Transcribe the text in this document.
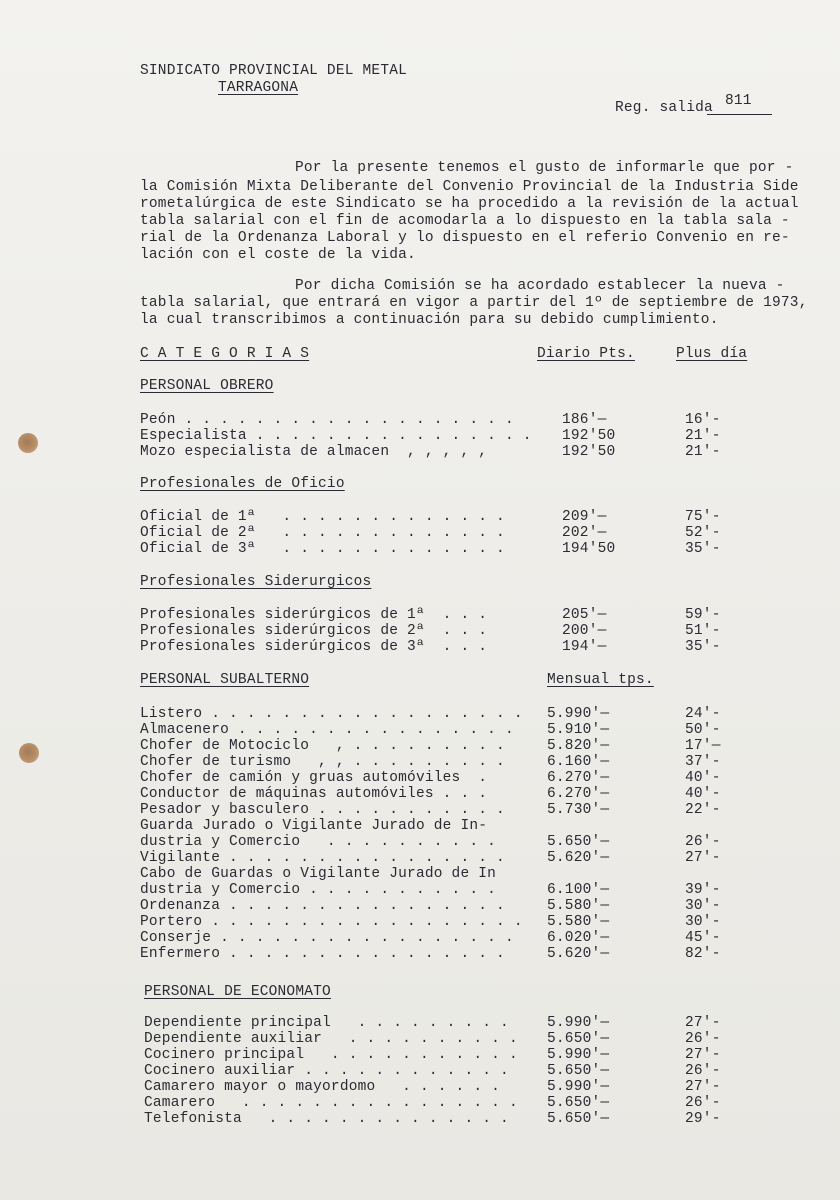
SINDICATO PROVINCIAL DEL METAL
TARRAGONA
Reg. salida 811
Por la presente tenemos el gusto de informarle que por -
la Comisión Mixta Deliberante del Convenio Provincial de la Industria Side
rometalúrgica de este Sindicato se ha procedido a la revisión de la actual
tabla salarial con el fin de acomodarla a lo dispuesto en la tabla sala -
rial de la Ordenanza Laboral y lo dispuesto en el referio Convenio en re-
lación con el coste de la vida.
Por dicha Comisión se ha acordado establecer la nueva -
tabla salarial, que entrará en vigor a partir del 1º de septiembre de 1973,
la cual transcribimos a continuación para su debido cumplimiento.
C A T E G O R I A S	Diario Pts.	Plus día
PERSONAL OBRERO
Profesionales de Oficio
Profesionales Siderurgicos
PERSONAL SUBALTERNO	Mensual tps.
PERSONAL DE ECONOMATO
Peón . . . . . . . . . . . . . . . . . . .	186'—	16'-
Especialista . . . . . . . . . . . . . . . . 192'50	21'-
Mozo especialista de almacen  , , , , ,	192'50	21'-
Oficial de 1ª   . . . . . . . . . . . . .	209'—	75'-
Oficial de 2ª   . . . . . . . . . . . . .	202'—	52'-
Oficial de 3ª   . . . . . . . . . . . . .	194'50	35'-
Profesionales siderúrgicos de 1ª  . . .	205'—	59'-
Profesionales siderúrgicos de 2ª  . . .	200'—	51'-
Profesionales siderúrgicos de 3ª  . . .	194'—	35'-
Listero . . . . . . . . . . . . . . . . . . 5.990'—	24'-
Almacenero . . . . . . . . . . . . . . . . 5.910'—	50'-
Chofer de Motociclo   , . . . . . . . . .	5.820'—	17'—
Chofer de turismo   , , . . . . . . . . .	6.160'—	37'-
Chofer de camión y gruas automóviles  .	6.270'—	40'-
Conductor de máquinas automóviles . . .	6.270'—	40'-
Pesador y basculero . . . . . . . . . . .	5.730'—	22'-
Guarda Jurado o Vigilante Jurado de In-
dustria y Comercio   . . . . . . . . . .	5.650'—	26'-
Vigilante . . . . . . . . . . . . . . . .	5.620'—	27'-
Cabo de Guardas o Vigilante Jurado de In
dustria y Comercio . . . . . . . . . . .	6.100'—	39'-
Ordenanza . . . . . . . . . . . . . . . .	5.580'—	30'-
Portero . . . . . . . . . . . . . . . . . . 5.580'—	30'-
Conserje . . . . . . . . . . . . . . . . . 6.020'—	45'-
Enfermero . . . . . . . . . . . . . . . .	5.620'—	82'-
Dependiente principal   . . . . . . . . .	5.990'—	27'-
Dependiente auxiliar   . . . . . . . . . . 5.650'—	26'-
Cocinero principal   . . . . . . . . . . . 5.990'—	27'-
Cocinero auxiliar . . . . . . . . . . . .	5.650'—	26'-
Camarero mayor o mayordomo   . . . . . .	5.990'—	27'-
Camarero   . . . . . . . . . . . . . . . . 5.650'—	26'-
Telefonista   . . . . . . . . . . . . . .	5.650'—	29'-
